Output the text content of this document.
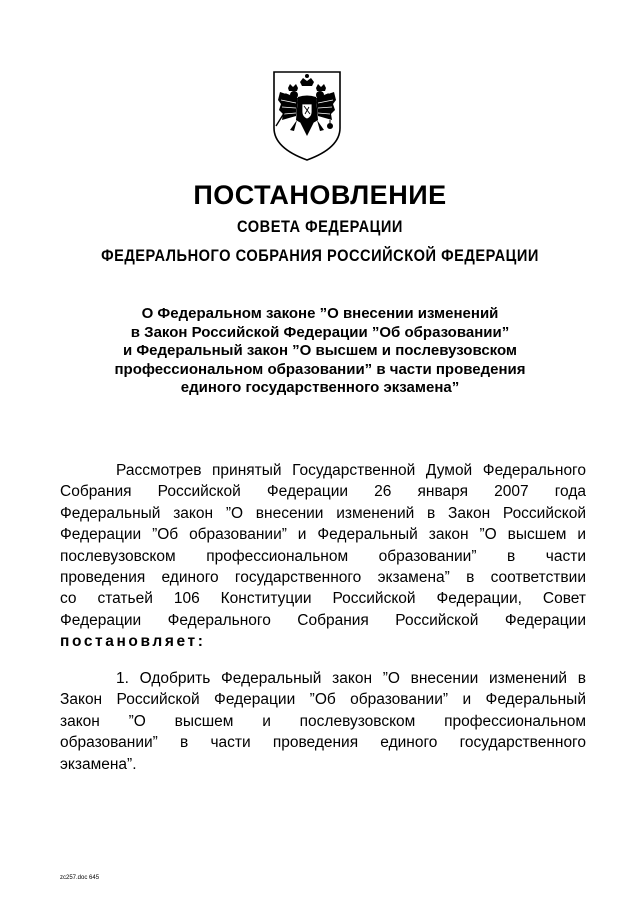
ПОСТАНОВЛЕНИЕ
СОВЕТА ФЕДЕРАЦИИ
ФЕДЕРАЛЬНОГО СОБРАНИЯ РОССИЙСКОЙ ФЕДЕРАЦИИ
О Федеральном законе ”О внесении изменений
в Закон Российской Федерации ”Об образовании”
и Федеральный закон ”О высшем и послевузовском
профессиональном образовании” в части проведения
единого государственного экзамена”
Рассмотрев принятый Государственной Думой Федерального
Собрания Российской Федерации 26 января 2007 года
Федеральный закон ”О внесении изменений в Закон Российской
Федерации ”Об образовании” и Федеральный закон ”О высшем и
послевузовском профессиональном образовании” в части
проведения единого государственного экзамена” в соответствии
со статьей 106 Конституции Российской Федерации, Совет
Федерации Федерального Собрания Российской Федерации
постановляет:
1. Одобрить Федеральный закон ”О внесении изменений в
Закон Российской Федерации ”Об образовании” и Федеральный
закон ”О высшем и послевузовском профессиональном
образовании” в части проведения единого государственного
экзамена”.
zc257.doc 645
